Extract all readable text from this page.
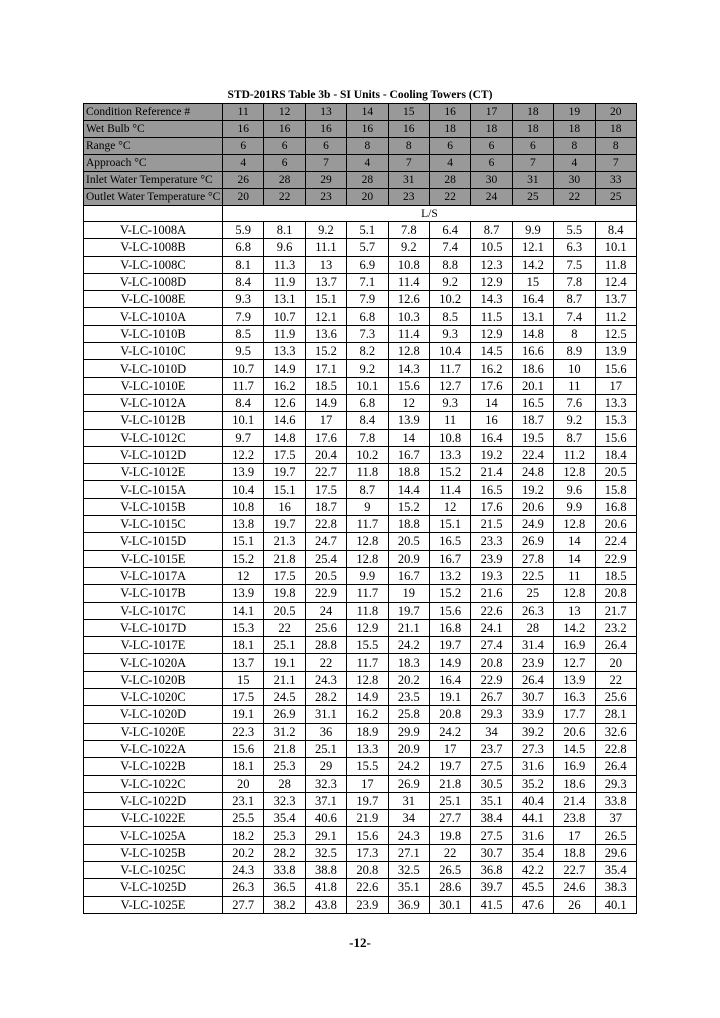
STD-201RS Table 3b - SI Units - Cooling Towers (CT)
Condition Reference #	11	12	13	14	15	16	17	18	19	20
Wet Bulb °C	16	16	16	16	16	18	18	18	18	18
Range °C	6	6	6	8	8	6	6	6	8	8
Approach °C	4	6	7	4	7	4	6	7	4	7
Inlet Water Temperature °C	26	28	29	28	31	28	30	31	30	33
Outlet Water Temperature °C	20	22	23	20	23	22	24	25	22	25
	L/S									
V-LC-1008A	5.9	8.1	9.2	5.1	7.8	6.4	8.7	9.9	5.5	8.4
V-LC-1008B	6.8	9.6	11.1	5.7	9.2	7.4	10.5	12.1	6.3	10.1
V-LC-1008C	8.1	11.3	13	6.9	10.8	8.8	12.3	14.2	7.5	11.8
V-LC-1008D	8.4	11.9	13.7	7.1	11.4	9.2	12.9	15	7.8	12.4
V-LC-1008E	9.3	13.1	15.1	7.9	12.6	10.2	14.3	16.4	8.7	13.7
V-LC-1010A	7.9	10.7	12.1	6.8	10.3	8.5	11.5	13.1	7.4	11.2
V-LC-1010B	8.5	11.9	13.6	7.3	11.4	9.3	12.9	14.8	8	12.5
V-LC-1010C	9.5	13.3	15.2	8.2	12.8	10.4	14.5	16.6	8.9	13.9
V-LC-1010D	10.7	14.9	17.1	9.2	14.3	11.7	16.2	18.6	10	15.6
V-LC-1010E	11.7	16.2	18.5	10.1	15.6	12.7	17.6	20.1	11	17
V-LC-1012A	8.4	12.6	14.9	6.8	12	9.3	14	16.5	7.6	13.3
V-LC-1012B	10.1	14.6	17	8.4	13.9	11	16	18.7	9.2	15.3
V-LC-1012C	9.7	14.8	17.6	7.8	14	10.8	16.4	19.5	8.7	15.6
V-LC-1012D	12.2	17.5	20.4	10.2	16.7	13.3	19.2	22.4	11.2	18.4
V-LC-1012E	13.9	19.7	22.7	11.8	18.8	15.2	21.4	24.8	12.8	20.5
V-LC-1015A	10.4	15.1	17.5	8.7	14.4	11.4	16.5	19.2	9.6	15.8
V-LC-1015B	10.8	16	18.7	9	15.2	12	17.6	20.6	9.9	16.8
V-LC-1015C	13.8	19.7	22.8	11.7	18.8	15.1	21.5	24.9	12.8	20.6
V-LC-1015D	15.1	21.3	24.7	12.8	20.5	16.5	23.3	26.9	14	22.4
V-LC-1015E	15.2	21.8	25.4	12.8	20.9	16.7	23.9	27.8	14	22.9
V-LC-1017A	12	17.5	20.5	9.9	16.7	13.2	19.3	22.5	11	18.5
V-LC-1017B	13.9	19.8	22.9	11.7	19	15.2	21.6	25	12.8	20.8
V-LC-1017C	14.1	20.5	24	11.8	19.7	15.6	22.6	26.3	13	21.7
V-LC-1017D	15.3	22	25.6	12.9	21.1	16.8	24.1	28	14.2	23.2
V-LC-1017E	18.1	25.1	28.8	15.5	24.2	19.7	27.4	31.4	16.9	26.4
V-LC-1020A	13.7	19.1	22	11.7	18.3	14.9	20.8	23.9	12.7	20
V-LC-1020B	15	21.1	24.3	12.8	20.2	16.4	22.9	26.4	13.9	22
V-LC-1020C	17.5	24.5	28.2	14.9	23.5	19.1	26.7	30.7	16.3	25.6
V-LC-1020D	19.1	26.9	31.1	16.2	25.8	20.8	29.3	33.9	17.7	28.1
V-LC-1020E	22.3	31.2	36	18.9	29.9	24.2	34	39.2	20.6	32.6
V-LC-1022A	15.6	21.8	25.1	13.3	20.9	17	23.7	27.3	14.5	22.8
V-LC-1022B	18.1	25.3	29	15.5	24.2	19.7	27.5	31.6	16.9	26.4
V-LC-1022C	20	28	32.3	17	26.9	21.8	30.5	35.2	18.6	29.3
V-LC-1022D	23.1	32.3	37.1	19.7	31	25.1	35.1	40.4	21.4	33.8
V-LC-1022E	25.5	35.4	40.6	21.9	34	27.7	38.4	44.1	23.8	37
V-LC-1025A	18.2	25.3	29.1	15.6	24.3	19.8	27.5	31.6	17	26.5
V-LC-1025B	20.2	28.2	32.5	17.3	27.1	22	30.7	35.4	18.8	29.6
V-LC-1025C	24.3	33.8	38.8	20.8	32.5	26.5	36.8	42.2	22.7	35.4
V-LC-1025D	26.3	36.5	41.8	22.6	35.1	28.6	39.7	45.5	24.6	38.3
V-LC-1025E	27.7	38.2	43.8	23.9	36.9	30.1	41.5	47.6	26	40.1
-12-
